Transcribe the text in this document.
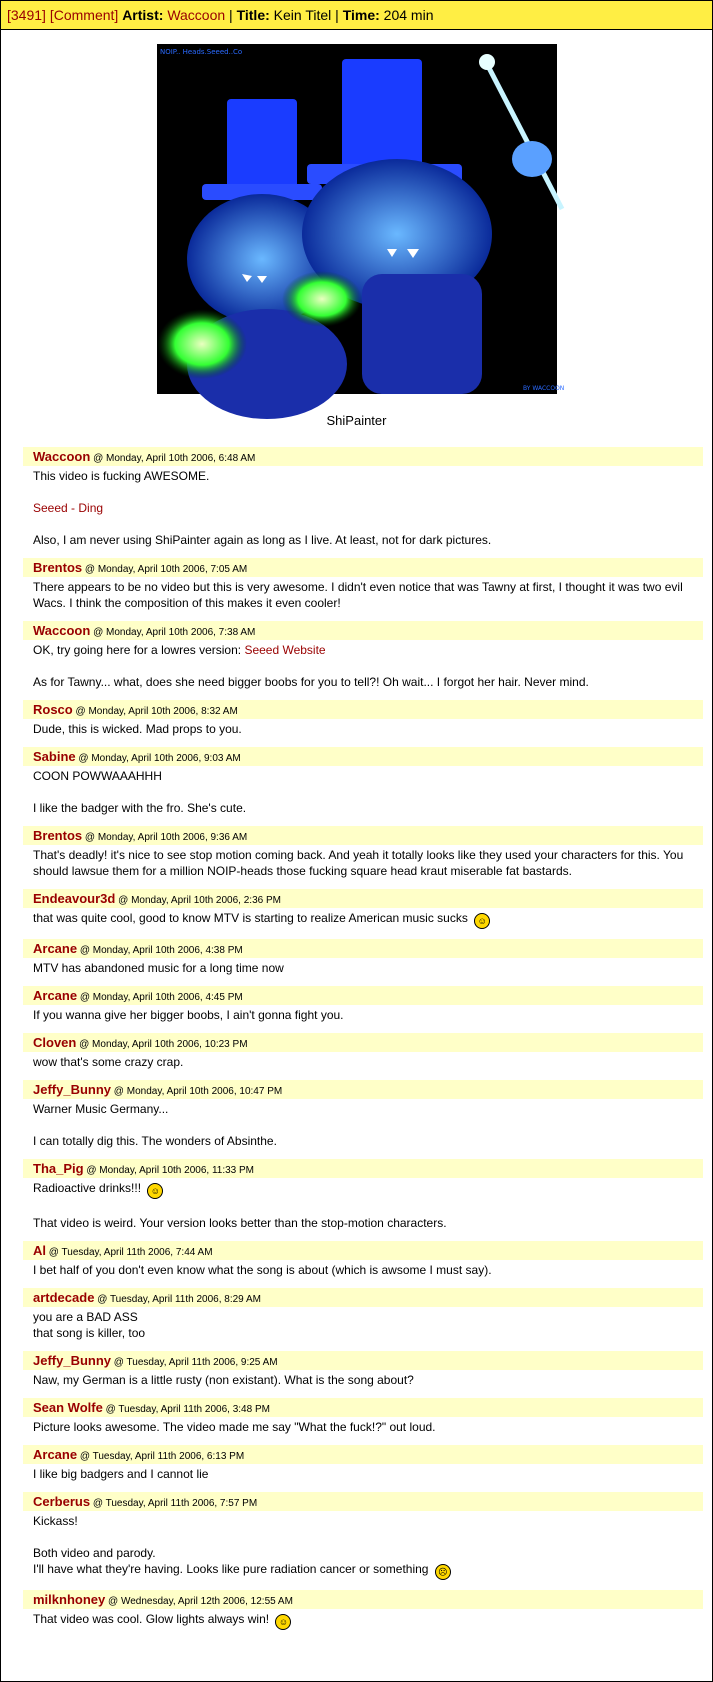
[3491] [Comment] Artist: Waccoon | Title: Kein Titel | Time: 204 min
NOIP.. Heads.Seeed..Co
BY WACCOON
ShiPainter
Waccoon @ Monday, April 10th 2006, 6:48 AM

This video is fucking AWESOME.

Seeed - Ding

Also, I am never using ShiPainter again as long as I live. At least, not for dark pictures.

Brentos @ Monday, April 10th 2006, 7:05 AM

There appears to be no video but this is very awesome. I didn't even notice that was Tawny at first, I thought it was two evil Wacs. I think the composition of this makes it even cooler!

Waccoon @ Monday, April 10th 2006, 7:38 AM

OK, try going here for a lowres version: Seeed Website

As for Tawny... what, does she need bigger boobs for you to tell?! Oh wait... I forgot her hair. Never mind.

Rosco @ Monday, April 10th 2006, 8:32 AM

Dude, this is wicked. Mad props to you.

Sabine @ Monday, April 10th 2006, 9:03 AM

COON POWWAAAHHH

I like the badger with the fro. She's cute.

Brentos @ Monday, April 10th 2006, 9:36 AM

That's deadly! it's nice to see stop motion coming back. And yeah it totally looks like they used your characters for this. You should lawsue them for a million NOIP-heads those fucking square head kraut miserable fat bastards.

Endeavour3d @ Monday, April 10th 2006, 2:36 PM

that was quite cool, good to know MTV is starting to realize American music sucks ☺

Arcane @ Monday, April 10th 2006, 4:38 PM

MTV has abandoned music for a long time now

Arcane @ Monday, April 10th 2006, 4:45 PM

If you wanna give her bigger boobs, I ain't gonna fight you.

Cloven @ Monday, April 10th 2006, 10:23 PM

wow that's some crazy crap.

Jeffy_Bunny @ Monday, April 10th 2006, 10:47 PM

Warner Music Germany...

I can totally dig this. The wonders of Absinthe.

Tha_Pig @ Monday, April 10th 2006, 11:33 PM

Radioactive drinks!!! ☺

That video is weird. Your version looks better than the stop-motion characters.

Al @ Tuesday, April 11th 2006, 7:44 AM

I bet half of you don't even know what the song is about (which is awsome I must say).

artdecade @ Tuesday, April 11th 2006, 8:29 AM

you are a BAD ASS
that song is killer, too

Jeffy_Bunny @ Tuesday, April 11th 2006, 9:25 AM

Naw, my German is a little rusty (non existant). What is the song about?

Sean Wolfe @ Tuesday, April 11th 2006, 3:48 PM

Picture looks awesome. The video made me say "What the fuck!?" out loud.

Arcane @ Tuesday, April 11th 2006, 6:13 PM

I like big badgers and I cannot lie

Cerberus @ Tuesday, April 11th 2006, 7:57 PM

Kickass!

Both video and parody.
I'll have what they're having. Looks like pure radiation cancer or something ☹

milknhoney @ Wednesday, April 12th 2006, 12:55 AM

That video was cool. Glow lights always win! ☺
